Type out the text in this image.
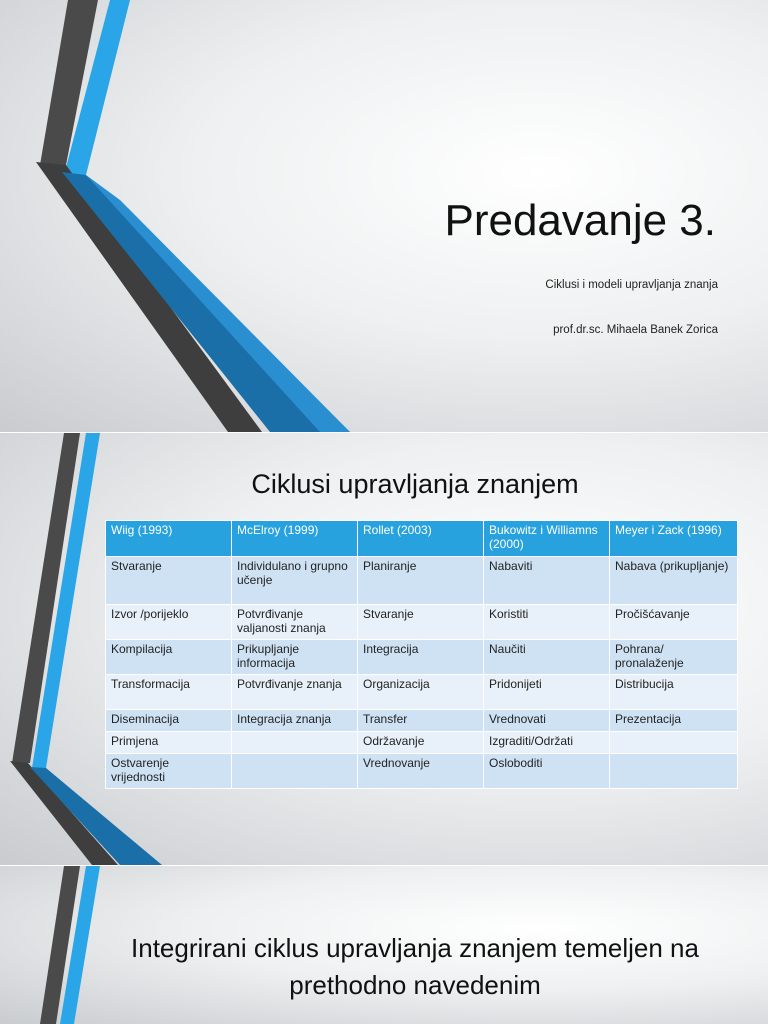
Predavanje 3.
Ciklusi i modeli upravljanja znanja
prof.dr.sc. Mihaela Banek Zorica
Ciklusi upravljanja znanjem
Wiig (1993)	McElroy (1999)	Rollet (2003)	Bukowitz i Williamns (2000)	Meyer i Zack (1996)
Stvaranje	Individulano i grupno učenje	Planiranje	Nabaviti	Nabava (prikupljanje)
Izvor /porijeklo	Potvrđivanje valjanosti znanja	Stvaranje	Koristiti	Pročišćavanje
Kompilacija	Prikupljanje informacija	Integracija	Naučiti	Pohrana/ pronalaženje
Transformacija	Potvrđivanje znanja	Organizacija	Pridonijeti	Distribucija
Diseminacija	Integracija znanja	Transfer	Vrednovati	Prezentacija
Primjena		Održavanje	Izgraditi/Održati	
Ostvarenje vrijednosti		Vrednovanje	Osloboditi	
Integrirani ciklus upravljanja znanjem temeljen na prethodno navedenim
